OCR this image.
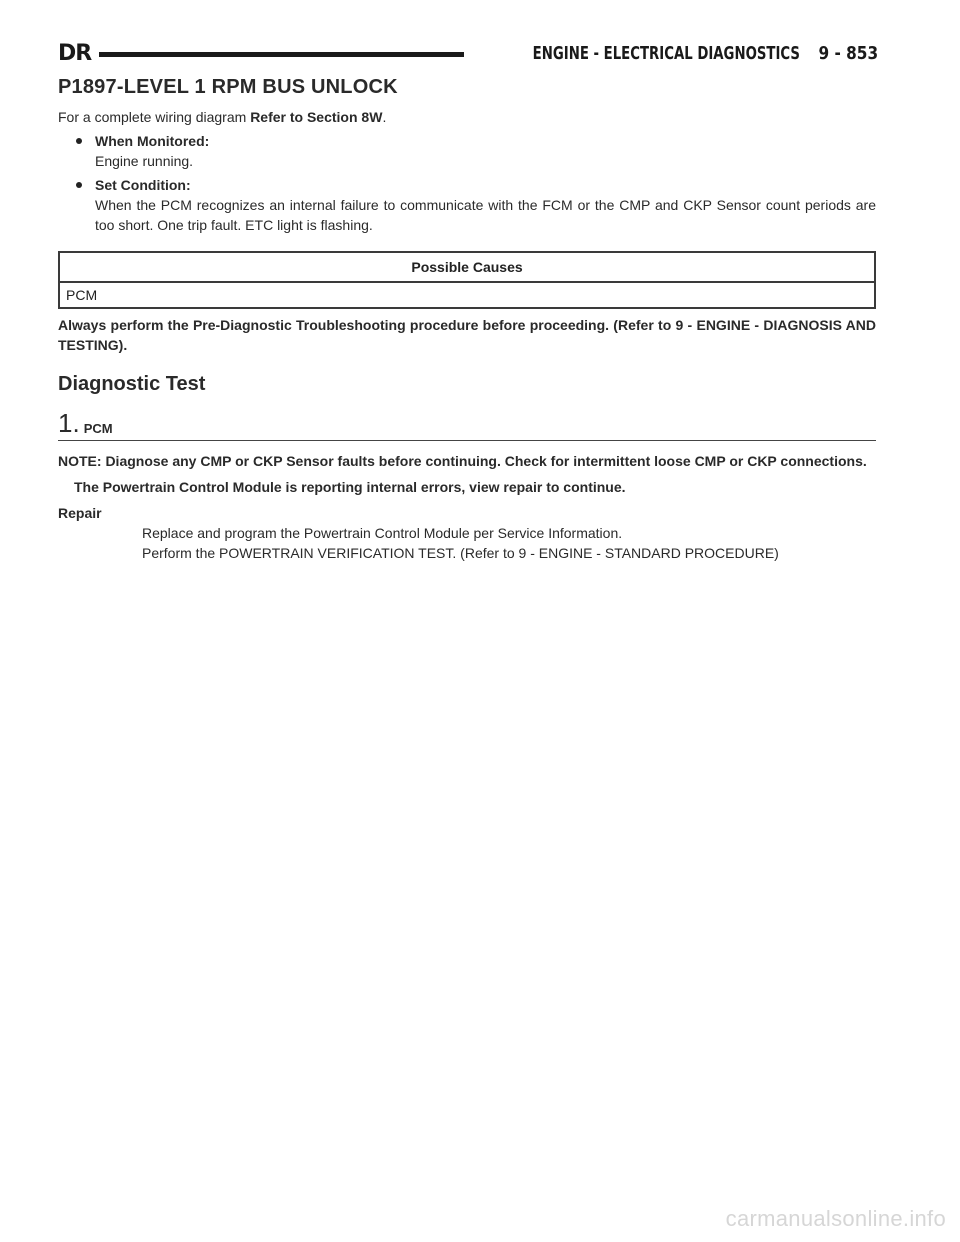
DR	ENGINE - ELECTRICAL DIAGNOSTICS 9 - 853
P1897-LEVEL 1 RPM BUS UNLOCK

For a complete wiring diagram Refer to Section 8W.

When Monitored:
Engine running.
Set Condition:
When the PCM recognizes an internal failure to communicate with the FCM or the CMP and CKP Sensor count periods are too short. One trip fault. ETC light is flashing.
Possible Causes
PCM

Always perform the Pre-Diagnostic Troubleshooting procedure before proceeding. (Refer to 9 - ENGINE - DIAGNOSIS AND TESTING).

Diagnostic Test
1. PCM

NOTE: Diagnose any CMP or CKP Sensor faults before continuing. Check for intermittent loose CMP or CKP connections.

The Powertrain Control Module is reporting internal errors, view repair to continue.

Repair

Replace and program the Powertrain Control Module per Service Information.

Perform the POWERTRAIN VERIFICATION TEST. (Refer to 9 - ENGINE - STANDARD PROCEDURE)

carmanualsonline.info
